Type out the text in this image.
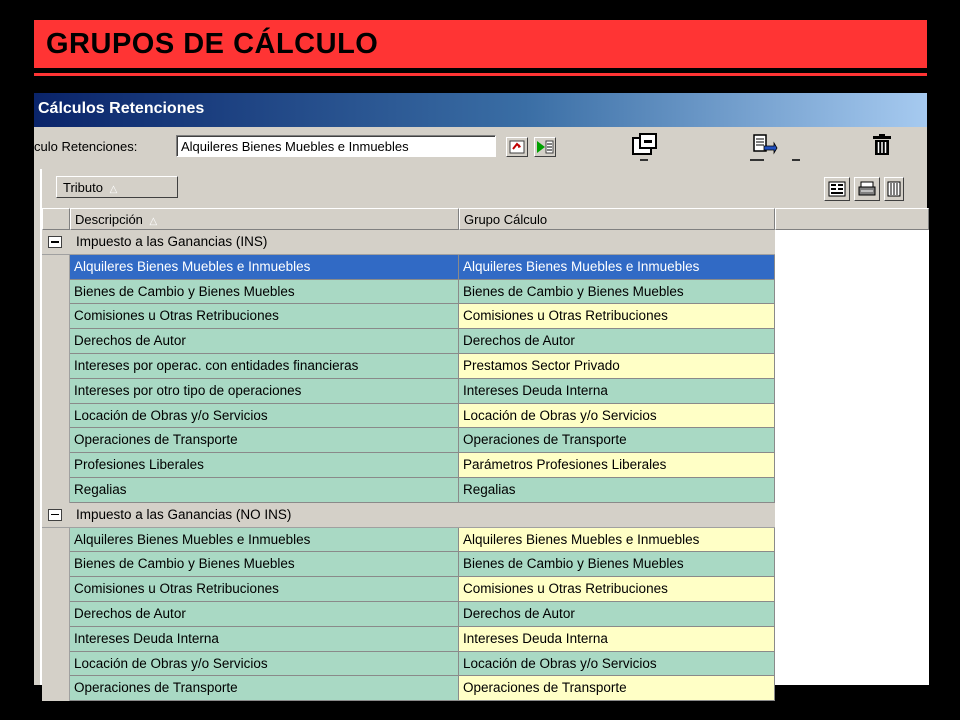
GRUPOS DE CÁLCULO
Cálculos Retenciones
culo Retenciones:	Alquileres Bienes Muebles e Inmuebles
Tributo △
Descripción △	Grupo Cálculo
Impuesto a las Ganancias (INS)
Alquileres Bienes Muebles e Inmuebles	Alquileres Bienes Muebles e Inmuebles
Bienes de Cambio y Bienes Muebles	Bienes de Cambio y Bienes Muebles
Comisiones u Otras Retribuciones	Comisiones u Otras Retribuciones
Derechos de Autor	Derechos de Autor
Intereses por operac. con entidades financieras	Prestamos Sector Privado
Intereses por otro tipo de operaciones	Intereses Deuda Interna
Locación de Obras y/o Servicios	Locación de Obras y/o Servicios
Operaciones de Transporte	Operaciones de Transporte
Profesiones Liberales	Parámetros Profesiones Liberales
Regalias	Regalias
Impuesto a las Ganancias (NO INS)
Alquileres Bienes Muebles e Inmuebles	Alquileres Bienes Muebles e Inmuebles
Bienes de Cambio y Bienes Muebles	Bienes de Cambio y Bienes Muebles
Comisiones u Otras Retribuciones	Comisiones u Otras Retribuciones
Derechos de Autor	Derechos de Autor
Intereses Deuda Interna	Intereses Deuda Interna
Locación de Obras y/o Servicios	Locación de Obras y/o Servicios
Operaciones de Transporte	Operaciones de Transporte
